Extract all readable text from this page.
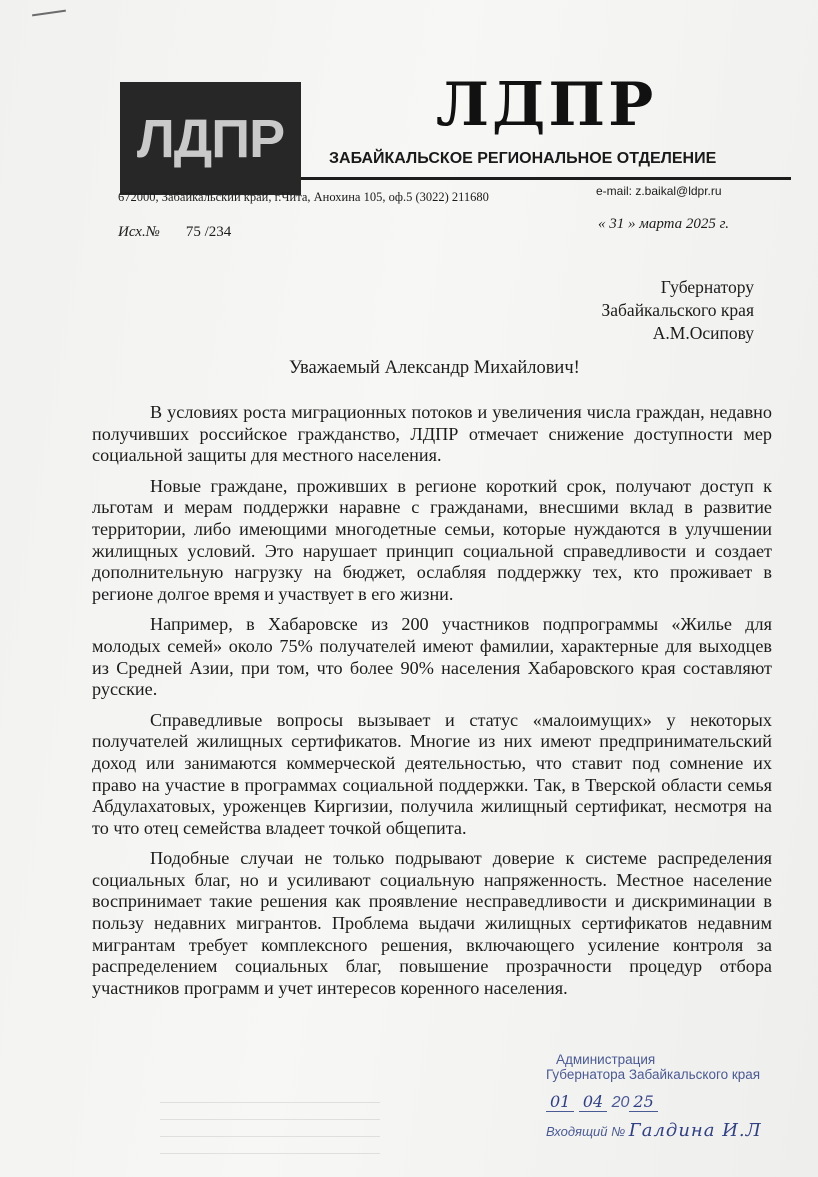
ЛДПР	ЛДПР
ЗАБАЙКАЛЬСКОЕ РЕГИОНАЛЬНОЕ ОТДЕЛЕНИЕ
672000, Забайкальский край, г.Чита, Анохина 105, оф.5 (3022) 211680	e-mail: z.baikal@ldpr.ru
Исх.№ 75 /234	« 31 » марта 2025 г.
Губернатору
Забайкальского края
А.М.Осипову
Уважаемый Александр Михайлович!

В условиях роста миграционных потоков и увеличения числа граждан, недавно получивших российское гражданство, ЛДПР отмечает снижение доступности мер социальной защиты для местного населения.

Новые граждане, проживших в регионе короткий срок, получают доступ к льготам и мерам поддержки наравне с гражданами, внесшими вклад в развитие территории, либо имеющими многодетные семьи, которые нуждаются в улучшении жилищных условий. Это нарушает принцип социальной справедливости и создает дополнительную нагрузку на бюджет, ослабляя поддержку тех, кто проживает в регионе долгое время и участвует в его жизни.

Например, в Хабаровске из 200 участников подпрограммы «Жилье для молодых семей» около 75% получателей имеют фамилии, характерные для выходцев из Средней Азии, при том, что более 90% населения Хабаровского края составляют русские.

Справедливые вопросы вызывает и статус «малоимущих» у некоторых получателей жилищных сертификатов. Многие из них имеют предпринимательский доход или занимаются коммерческой деятельностью, что ставит под сомнение их право на участие в программах социальной поддержки. Так, в Тверской области семья Абдулахатовых, уроженцев Киргизии, получила жилищный сертификат, несмотря на то что отец семейства владеет точкой общепита.

Подобные случаи не только подрывают доверие к системе распределения социальных благ, но и усиливают социальную напряженность. Местное население воспринимает такие решения как проявление несправедливости и дискриминации в пользу недавних мигрантов. Проблема выдачи жилищных сертификатов недавним мигрантам требует комплексного решения, включающего усиление контроля за распределением социальных благ, повышение прозрачности процедур отбора участников программ и учет интересов коренного населения.

Администрация
Губернатора Забайкальского края
01 04 20 25
Входящий № Галдина И.Л
